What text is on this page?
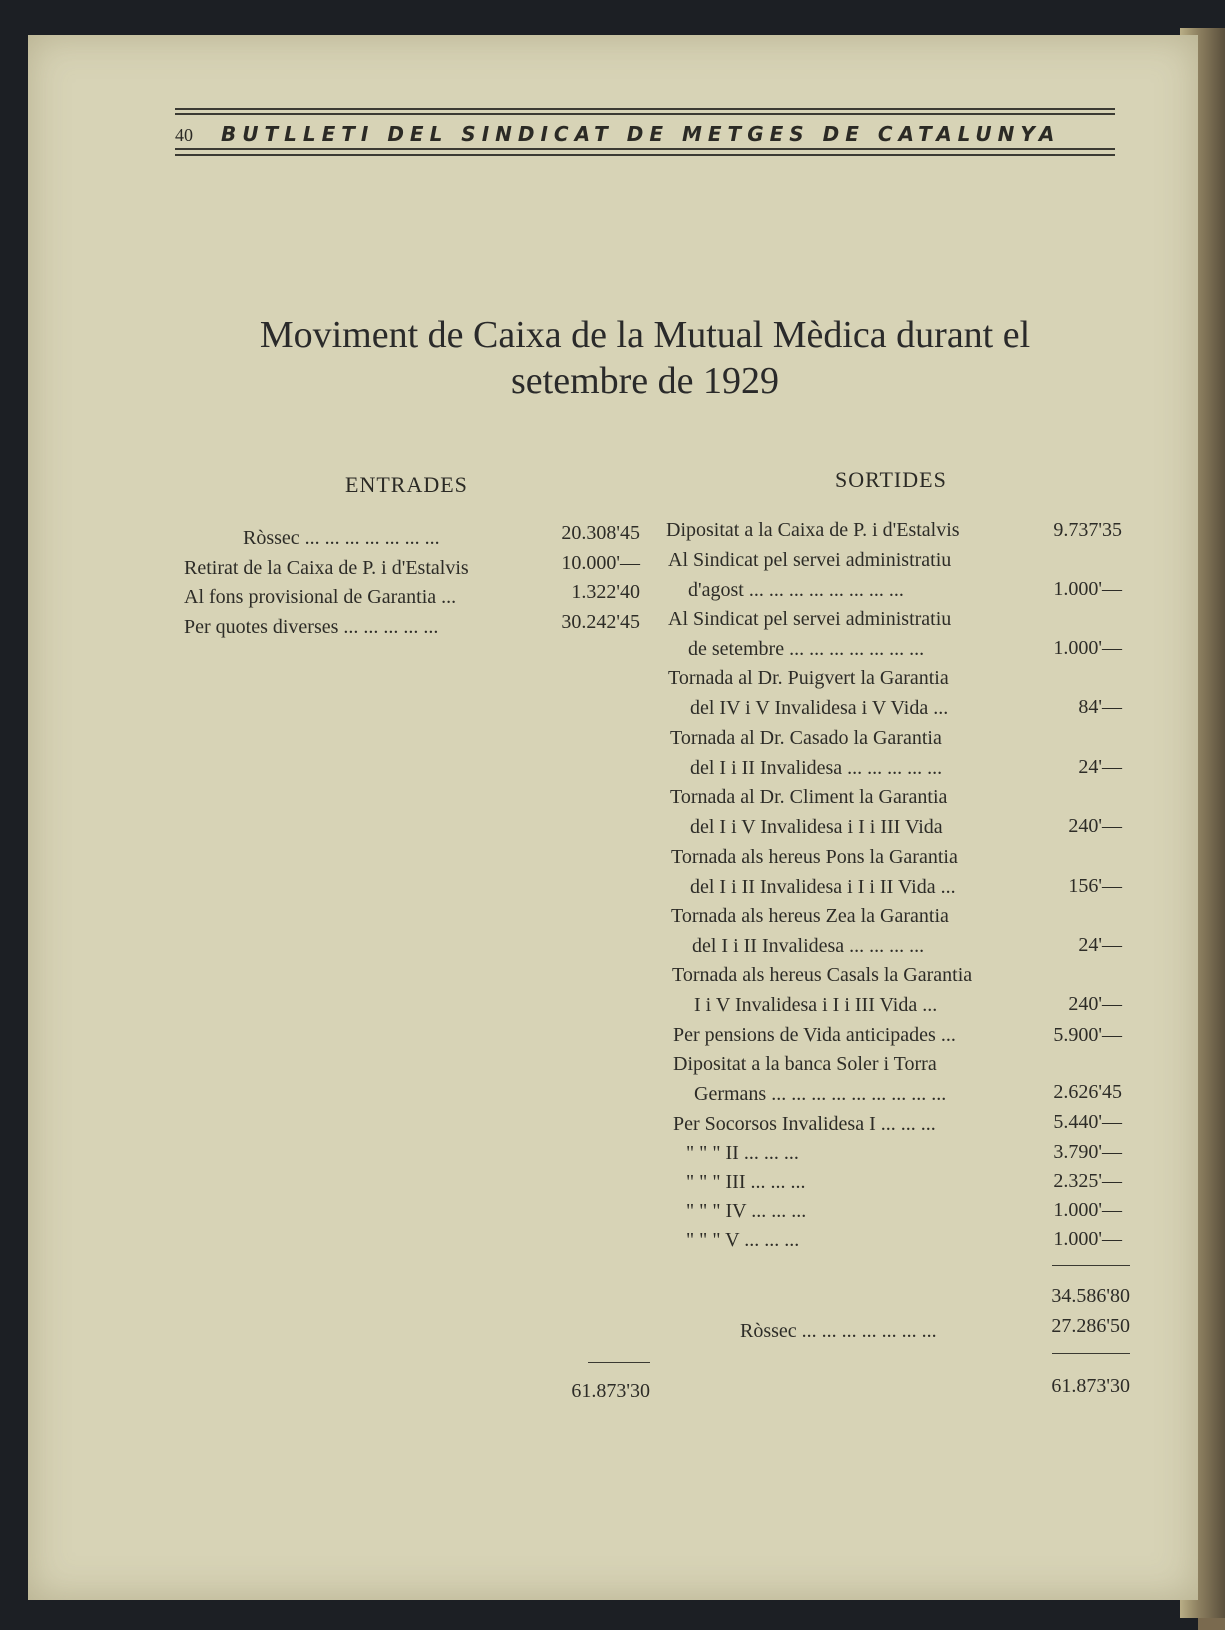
40 BUTLLETI DEL SINDICAT DE METGES DE CATALUNYA
Moviment de Caixa de la Mutual Mèdica durant el
setembre de 1929
ENTRADES
Ròssec ... ... ... ... ... ... ...	20.308'45
Retirat de la Caixa de P. i d'Estalvis	10.000'—
Al fons provisional de Garantia ...	1.322'40
Per quotes diverses ... ... ... ... ...	30.242'45
61.873'30
SORTIDES
Dipositat a la Caixa de P. i d'Estalvis	9.737'35
Al Sindicat pel servei administratiu
d'agost ... ... ... ... ... ... ... ...	1.000'—
Al Sindicat pel servei administratiu
de setembre ... ... ... ... ... ... ...	1.000'—
Tornada al Dr. Puigvert la Garantia
del IV i V Invalidesa i V Vida ...	84'—
Tornada al Dr. Casado la Garantia
del I i II Invalidesa ... ... ... ... ...	24'—
Tornada al Dr. Climent la Garantia
del I i V Invalidesa i I i III Vida	240'—
Tornada als hereus Pons la Garantia
del I i II Invalidesa i I i II Vida ...	156'—
Tornada als hereus Zea la Garantia
del I i II Invalidesa ... ... ... ...	24'—
Tornada als hereus Casals la Garantia
I i V Invalidesa i I i III Vida ...	240'—
Per pensions de Vida anticipades ...	5.900'—
Dipositat a la banca Soler i Torra
Germans ... ... ... ... ... ... ... ... ...	2.626'45
Per Socorsos Invalidesa I ... ... ...	5.440'—
" " " II ... ... ...	3.790'—
" " " III ... ... ...	2.325'—
" " " IV ... ... ...	1.000'—
" " " V ... ... ...	1.000'—
34.586'80
Ròssec ... ... ... ... ... ... ...	27.286'50
61.873'30
